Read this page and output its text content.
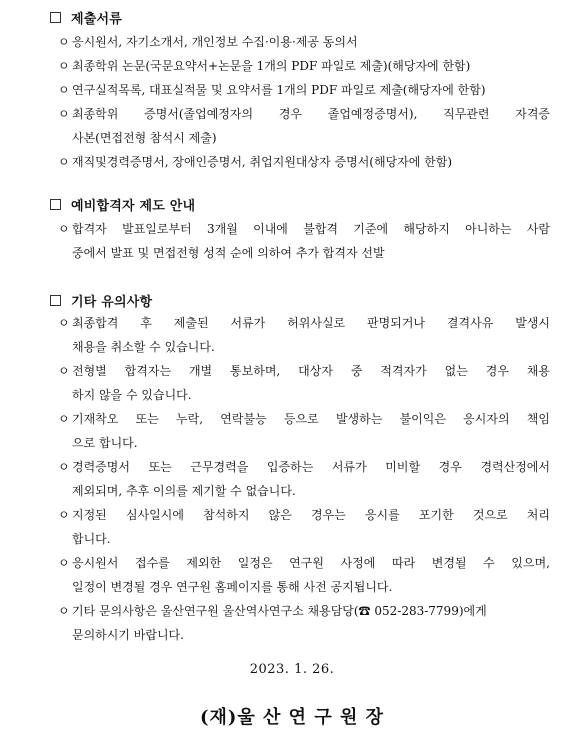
제출서류
ㅇ 응시원서, 자기소개서, 개인정보 수집·이용·제공 동의서
ㅇ 최종학위 논문(국문요약서+논문을 1개의 PDF 파일로 제출)(해당자에 한함)
ㅇ 연구실적목록, 대표실적물 및 요약서를 1개의 PDF 파일로 제출(해당자에 한함)
ㅇ 최종학위 증명서(졸업예정자의 경우 졸업예정증명서), 직무관련 자격증
사본(면접전형 참석시 제출)
ㅇ 재직및경력증명서, 장애인증명서, 취업지원대상자 증명서(해당자에 한함)
예비합격자 제도 안내
ㅇ 합격자 발표일로부터 3개월 이내에 불합격 기준에 해당하지 아니하는 사람
중에서 발표 및 면접전형 성적 순에 의하여 추가 합격자 선발
기타 유의사항
ㅇ 최종합격 후 제출된 서류가 허위사실로 판명되거나 결격사유 발생시
채용을 취소할 수 있습니다.
ㅇ 전형별 합격자는 개별 통보하며, 대상자 중 적격자가 없는 경우 채용
하지 않을 수 있습니다.
ㅇ 기재착오 또는 누락, 연락불능 등으로 발생하는 불이익은 응시자의 책임
으로 합니다.
ㅇ 경력증명서 또는 근무경력을 입증하는 서류가 미비할 경우 경력산정에서
제외되며, 추후 이의를 제기할 수 없습니다.
ㅇ 지정된 심사일시에 참석하지 않은 경우는 응시를 포기한 것으로 처리
합니다.
ㅇ 응시원서 접수를 제외한 일정은 연구원 사정에 따라 변경될 수 있으며,
일정이 변경될 경우 연구원 홈페이지를 통해 사전 공지됩니다.
ㅇ 기타 문의사항은 울산연구원 울산역사연구소 채용담당(☎ 052-283-7799)에게
문의하시기 바랍니다.
2023. 1. 26.
(재)울 산 연 구 원 장
